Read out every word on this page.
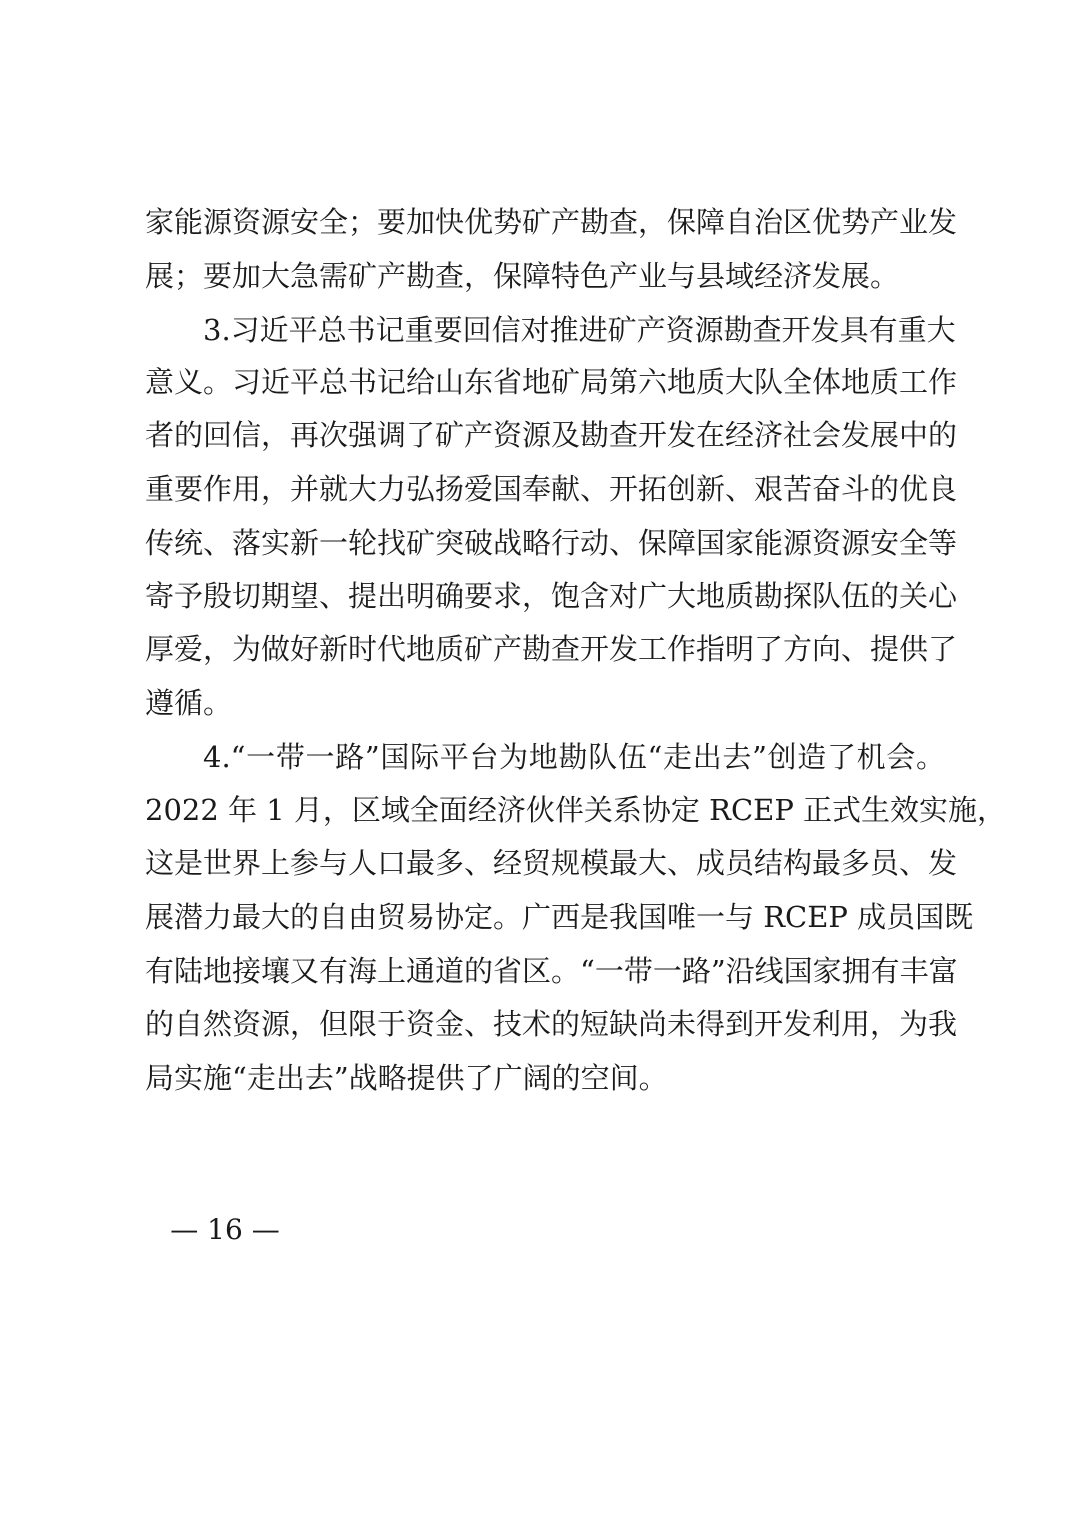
家能源资源安全；要加快优势矿产勘查，保障自治区优势产业发
展；要加大急需矿产勘查，保障特色产业与县域经济发展。
3.习近平总书记重要回信对推进矿产资源勘查开发具有重大
意义。习近平总书记给山东省地矿局第六地质大队全体地质工作
者的回信，再次强调了矿产资源及勘查开发在经济社会发展中的
重要作用，并就大力弘扬爱国奉献、开拓创新、艰苦奋斗的优良
传统、落实新一轮找矿突破战略行动、保障国家能源资源安全等
寄予殷切期望、提出明确要求，饱含对广大地质勘探队伍的关心
厚爱，为做好新时代地质矿产勘查开发工作指明了方向、提供了
遵循。
4.“一带一路”国际平台为地勘队伍“走出去”创造了机会。
2022 年 1 月，区域全面经济伙伴关系协定 RCEP 正式生效实施，
这是世界上参与人口最多、经贸规模最大、成员结构最多员、发
展潜力最大的自由贸易协定。广西是我国唯一与 RCEP 成员国既
有陆地接壤又有海上通道的省区。“一带一路”沿线国家拥有丰富
的自然资源，但限于资金、技术的短缺尚未得到开发利用，为我
局实施“走出去”战略提供了广阔的空间。
— 16 —
